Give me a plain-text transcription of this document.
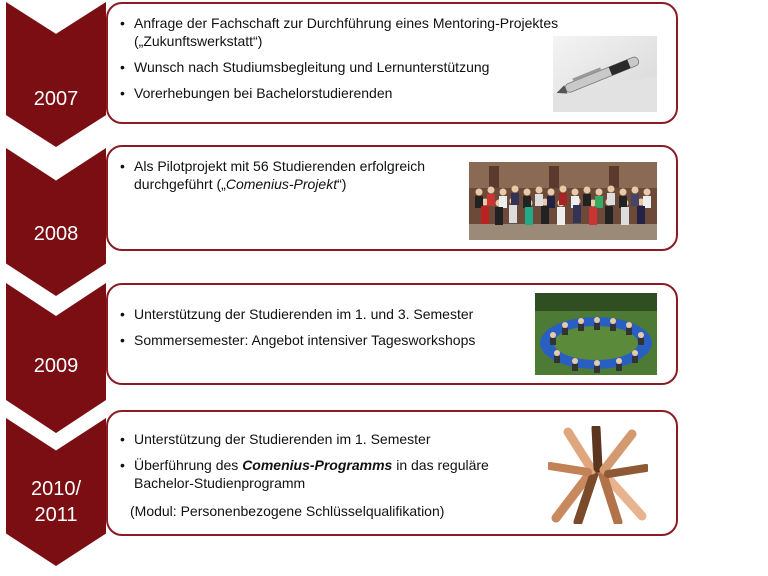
2007
• Anfrage der Fachschaft zur Durchführung eines Mentoring-Projektes
(„Zukunftswerkstatt“)
• Wunsch nach Studiumsbegleitung und Lernunterstützung
• Vorerhebungen bei Bachelorstudierenden
2008
• Als Pilotprojekt mit 56 Studierenden erfolgreich
durchgeführt („Comenius-Projekt“)
2009
• Unterstützung der Studierenden im 1. und 3. Semester
• Sommersemester: Angebot intensiver Tagesworkshops
2010/
2011
• Unterstützung der Studierenden im 1. Semester
• Überführung des Comenius-Programms in das reguläre
Bachelor-Studienprogramm
(Modul: Personenbezogene Schlüsselqualifikation)
